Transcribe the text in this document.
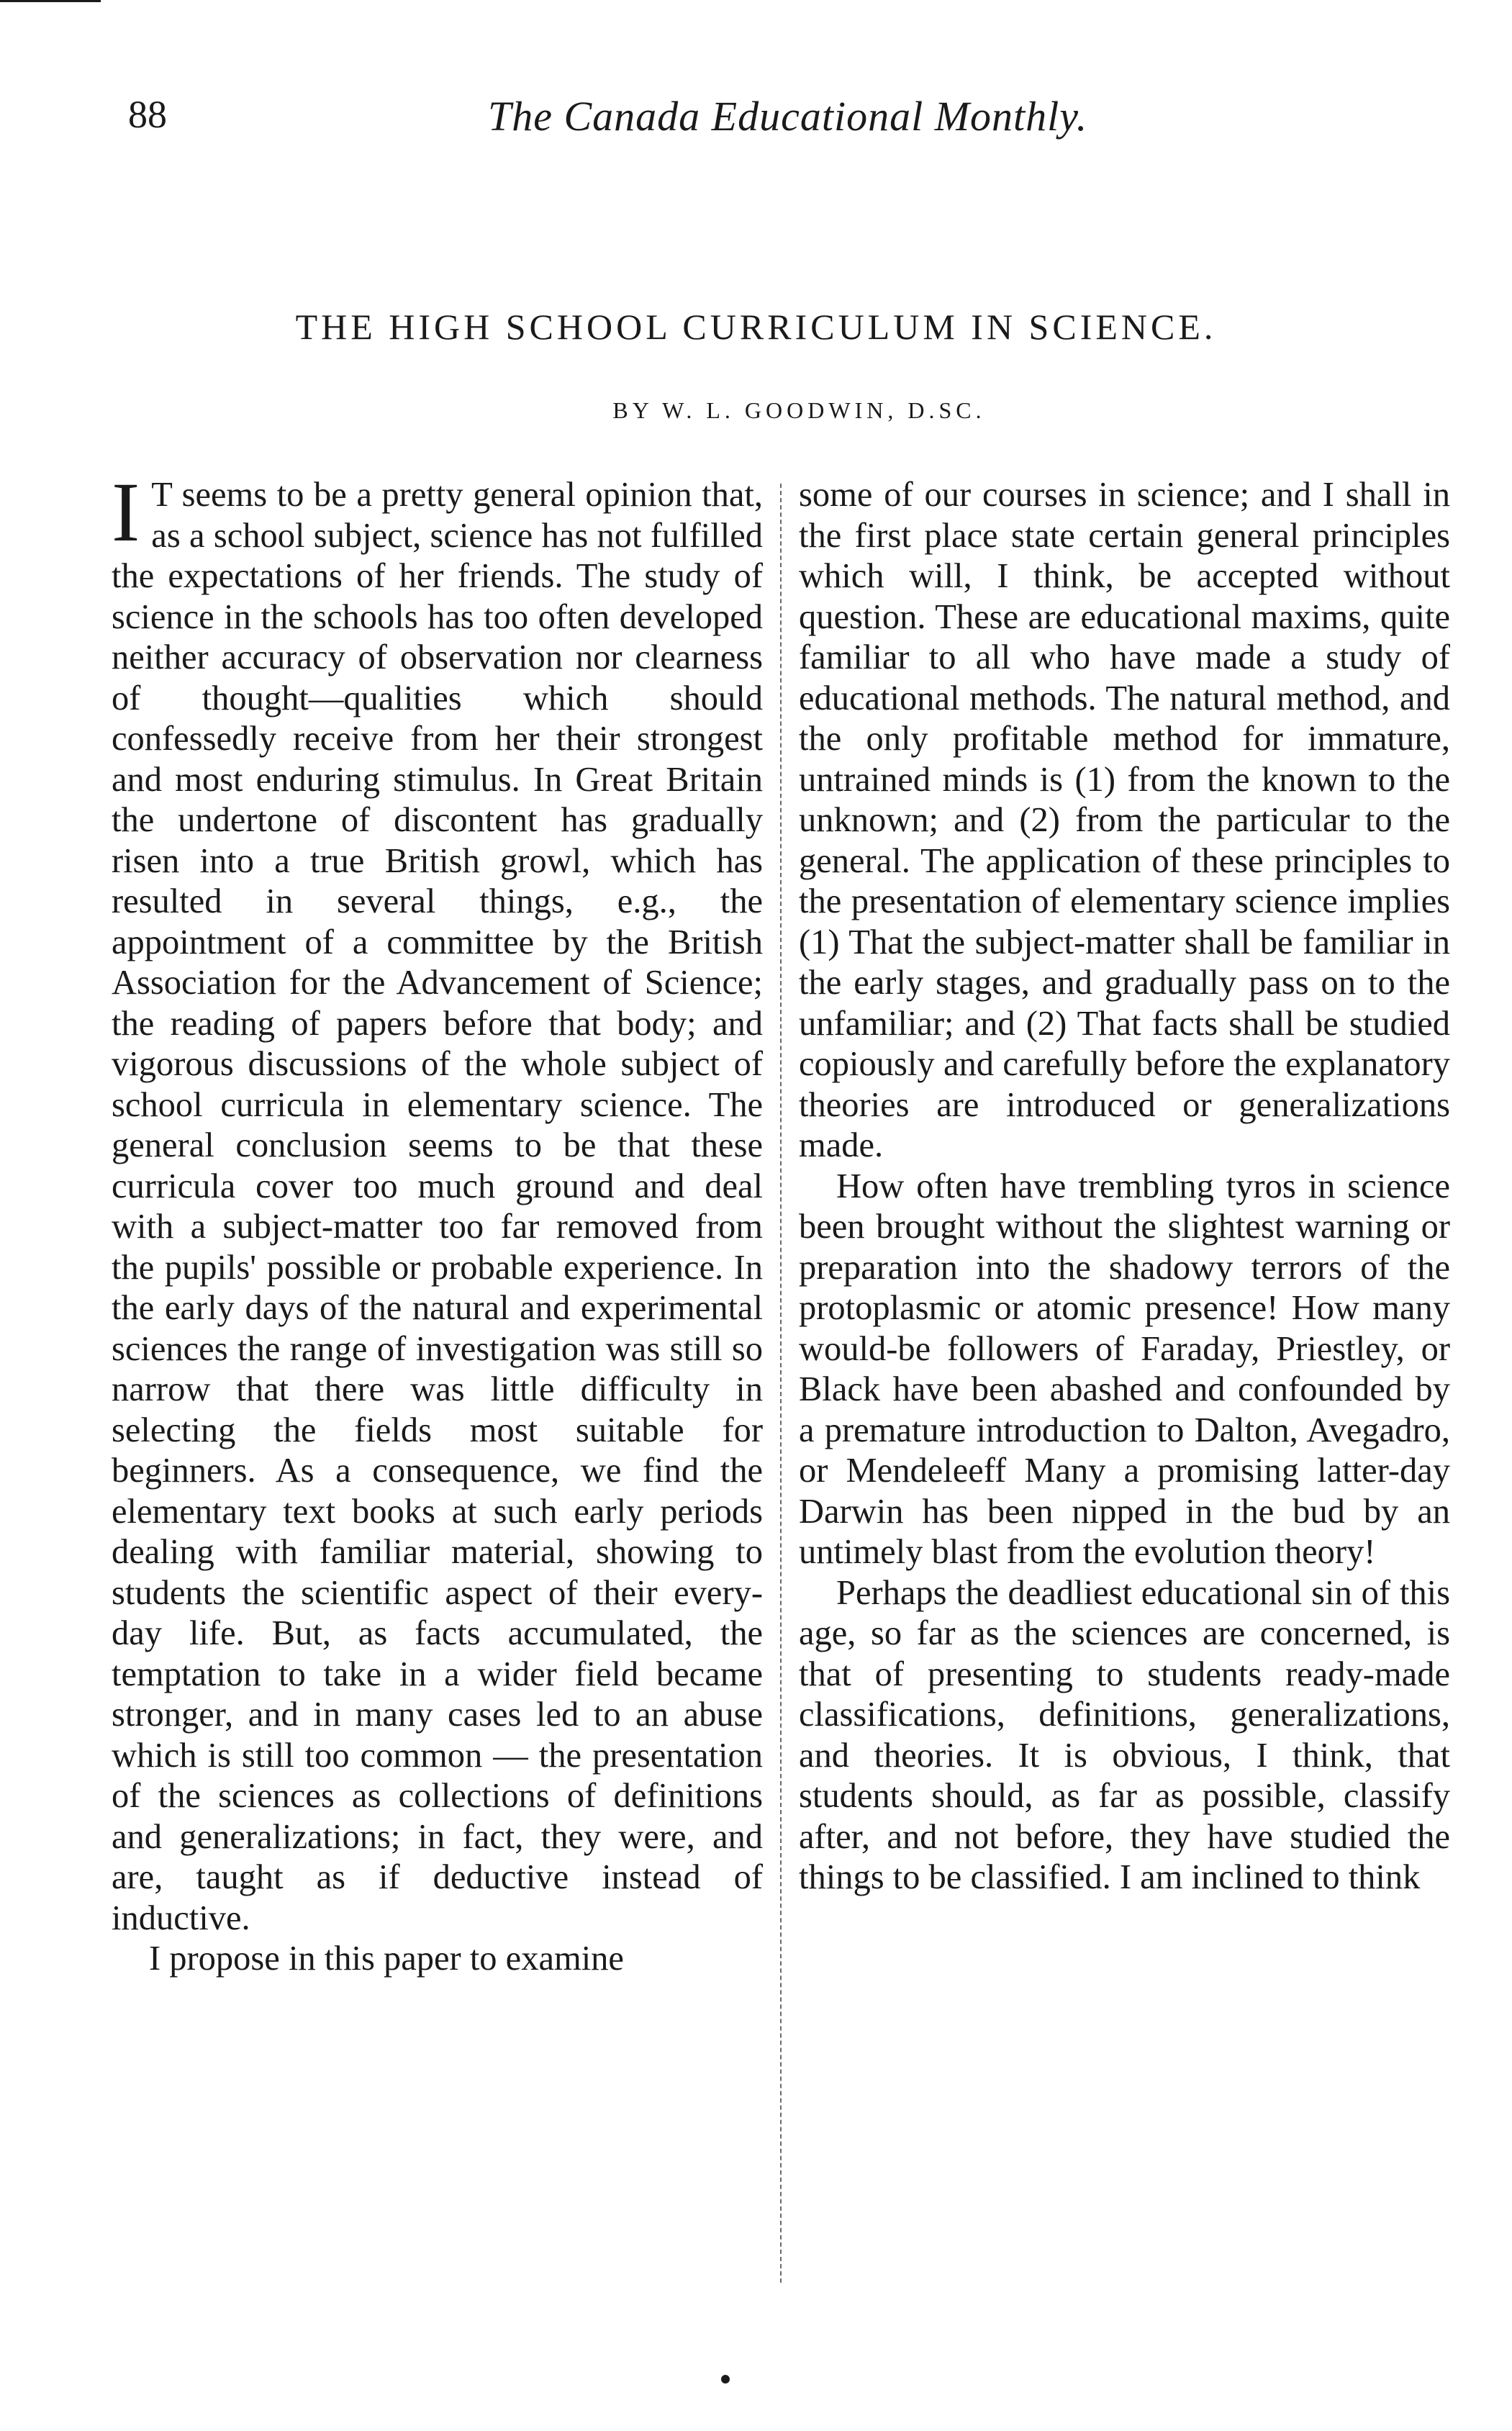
88	The Canada Educational Monthly.
THE HIGH SCHOOL CURRICULUM IN SCIENCE.
BY W. L. GOODWIN, D.SC.

I T seems to be a pretty general opinion that, as a school subject, science has not fulfilled the expectations of her friends. The study of science in the schools has too often developed neither accuracy of observation nor clearness of thought—qualities which should confessedly receive from her their strongest and most enduring stimulus. In Great Britain the undertone of discontent has gradually risen into a true British growl, which has resulted in several things, e.g., the appointment of a committee by the British Association for the Advancement of Science; the reading of papers before that body; and vigorous discussions of the whole subject of school curricula in elementary science. The general conclusion seems to be that these curricula cover too much ground and deal with a subject-matter too far removed from the pupils' possible or probable experience. In the early days of the natural and experimental sciences the range of investigation was still so narrow that there was little difficulty in selecting the fields most suitable for beginners. As a consequence, we find the elementary text books at such early periods dealing with familiar material, showing to students the scientific aspect of their every-day life. But, as facts accumulated, the temptation to take in a wider field became stronger, and in many cases led to an abuse which is still too common — the presentation of the sciences as collections of definitions and generalizations; in fact, they were, and are, taught as if deductive instead of inductive.

I propose in this paper to examine

some of our courses in science; and I shall in the first place state certain general principles which will, I think, be accepted without question. These are educational maxims, quite familiar to all who have made a study of educational methods. The natural method, and the only profitable method for immature, untrained minds is (1) from the known to the unknown; and (2) from the particular to the general. The application of these principles to the presentation of elementary science implies (1) That the subject-matter shall be familiar in the early stages, and gradually pass on to the unfamiliar; and (2) That facts shall be studied copiously and carefully before the explanatory theories are introduced or generalizations made.

How often have trembling tyros in science been brought without the slightest warning or preparation into the shadowy terrors of the protoplasmic or atomic presence! How many would-be followers of Faraday, Priestley, or Black have been abashed and confounded by a premature introduction to Dalton, Avegadro, or Mendeleeff Many a promising latter-day Darwin has been nipped in the bud by an untimely blast from the evolution theory!

Perhaps the deadliest educational sin of this age, so far as the sciences are concerned, is that of presenting to students ready-made classifications, definitions, generalizations, and theories. It is obvious, I think, that students should, as far as possible, classify after, and not before, they have studied the things to be classified. I am inclined to think
